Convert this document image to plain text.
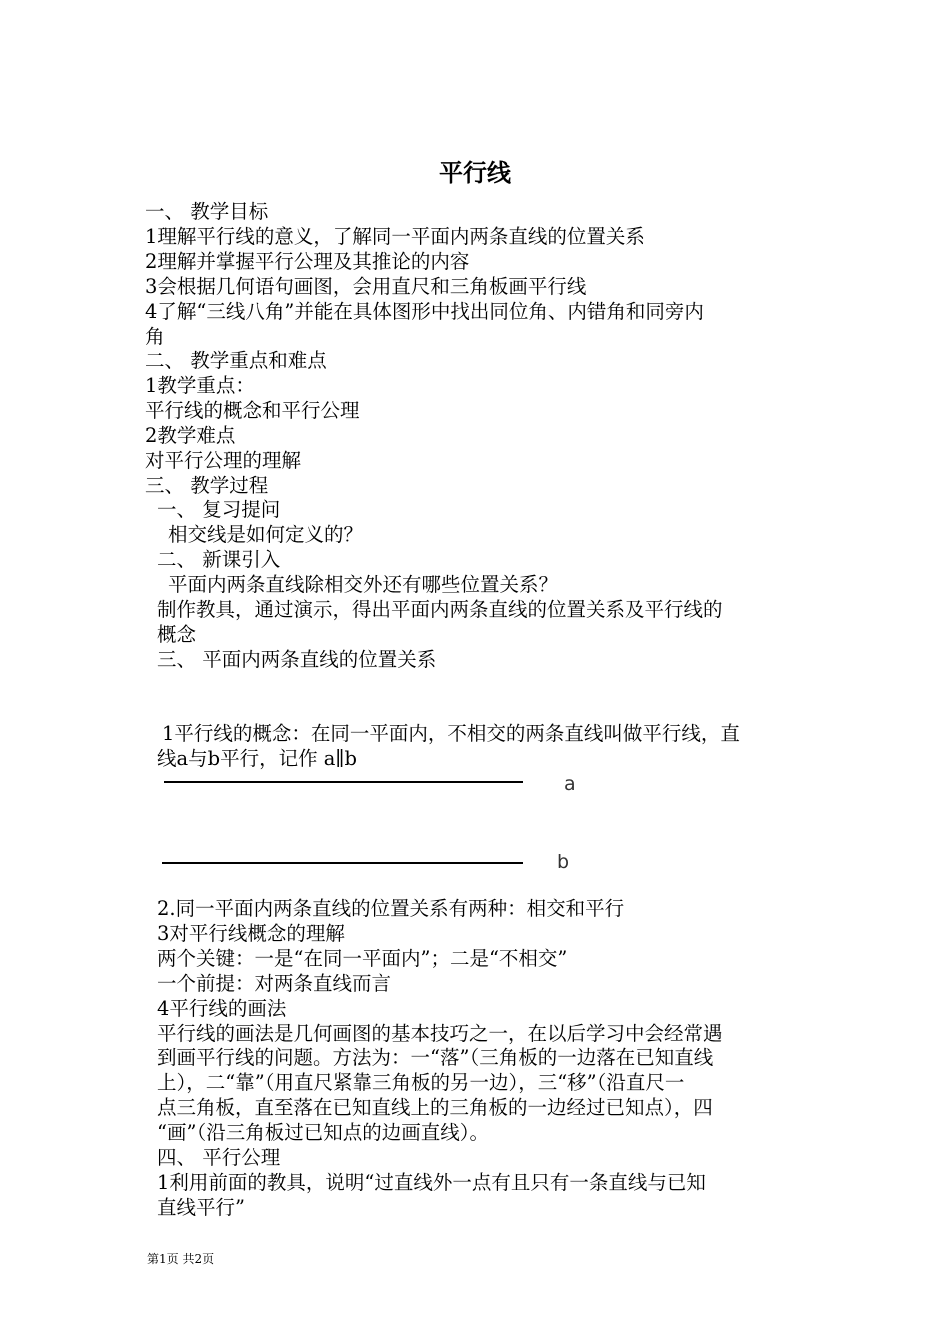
平行线
一、 教学目标
1理解平行线的意义，了解同一平面内两条直线的位置关系
2理解并掌握平行公理及其推论的内容
3会根据几何语句画图，会用直尺和三角板画平行线
4了解“三线八角”并能在具体图形中找出同位角、内错角和同旁内
角
二、 教学重点和难点
1教学重点：
平行线的概念和平行公理
2教学难点
对平行公理的理解
三、 教学过程
一、 复习提问
相交线是如何定义的？
二、 新课引入
平面内两条直线除相交外还有哪些位置关系？
制作教具，通过演示，得出平面内两条直线的位置关系及平行线的
概念
三、 平面内两条直线的位置关系
1平行线的概念：在同一平面内，不相交的两条直线叫做平行线，直
线a与b平行，记作 a∥b
a
b
2.同一平面内两条直线的位置关系有两种：相交和平行
3对平行线概念的理解
两个关键：一是“在同一平面内”；二是“不相交”
一个前提：对两条直线而言
4平行线的画法
平行线的画法是几何画图的基本技巧之一，在以后学习中会经常遇
到画平行线的问题。方法为：一“落”（三角板的一边落在已知直线
上），二“靠”（用直尺紧靠三角板的另一边），三“移”（沿直尺一
点三角板，直至落在已知直线上的三角板的一边经过已知点），四
“画”（沿三角板过已知点的边画直线）。
四、 平行公理
1利用前面的教具，说明“过直线外一点有且只有一条直线与已知
直线平行”
第1页 共2页
